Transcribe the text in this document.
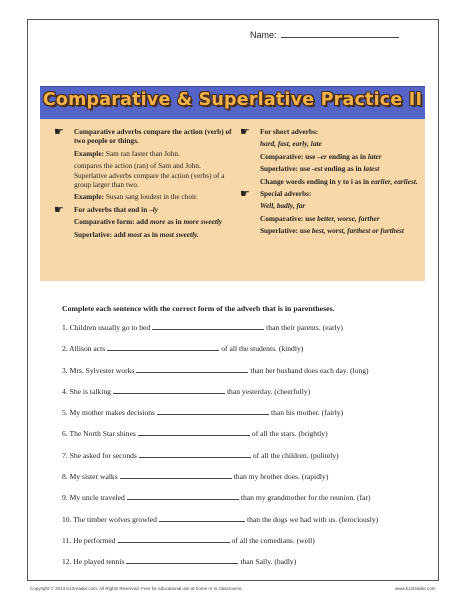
Name:
Comparative & Superlative Practice II
☛ Comparative adverbs compare the action (verb) of two people or things.
Example: Sam ran faster than John.
compares the action (ran) of Sam and John. Superlative adverbs compare the action (verbs) of a group larger than two.
Example: Susan sang loudest in the choir.
☛ For adverbs that end in –ly
Comparative form: add more as in more sweetly
Superlative: add most as in most sweetly.
☛ For short adverbs:
hard, fast, early, late
Comparative: use –er ending as in later
Superlative: use -est ending as in latest
Change words ending in y to i as in earlier, earliest.
☛ Special adverbs:
Well, badly, far
Comparative: use better, worse, farther
Superlative: use best, worst, farthest or furthest
Complete each sentence with the correct form of the adverb that is in parentheses.
1. Children usually go to bed	than their parents. (early)
2. Allison acts	of all the students. (kindly)
3. Mrs. Sylvester works	than her husband does each day. (long)
4. She is talking	than yesterday. (cheerfully)
5. My mother makes decisions	than his mother. (fairly)
6. The North Star shines	of all the stars. (brightly)
7. She asked for seconds	of all the children. (politely)
8. My sister walks	than my brother does. (rapidly)
9. My uncle traveled	than my grandmother for the reunion. (far)
10. The timber wolves growled	than the dogs we had with us. (ferociously)
11. He performed	of all the comedians. (well)
12. He played tennis	than Sally. (badly)
Copyright © 2013 K12reader.com. All Rights Reserved. Free for educational use at home or in classrooms.	www.k12reader.com
